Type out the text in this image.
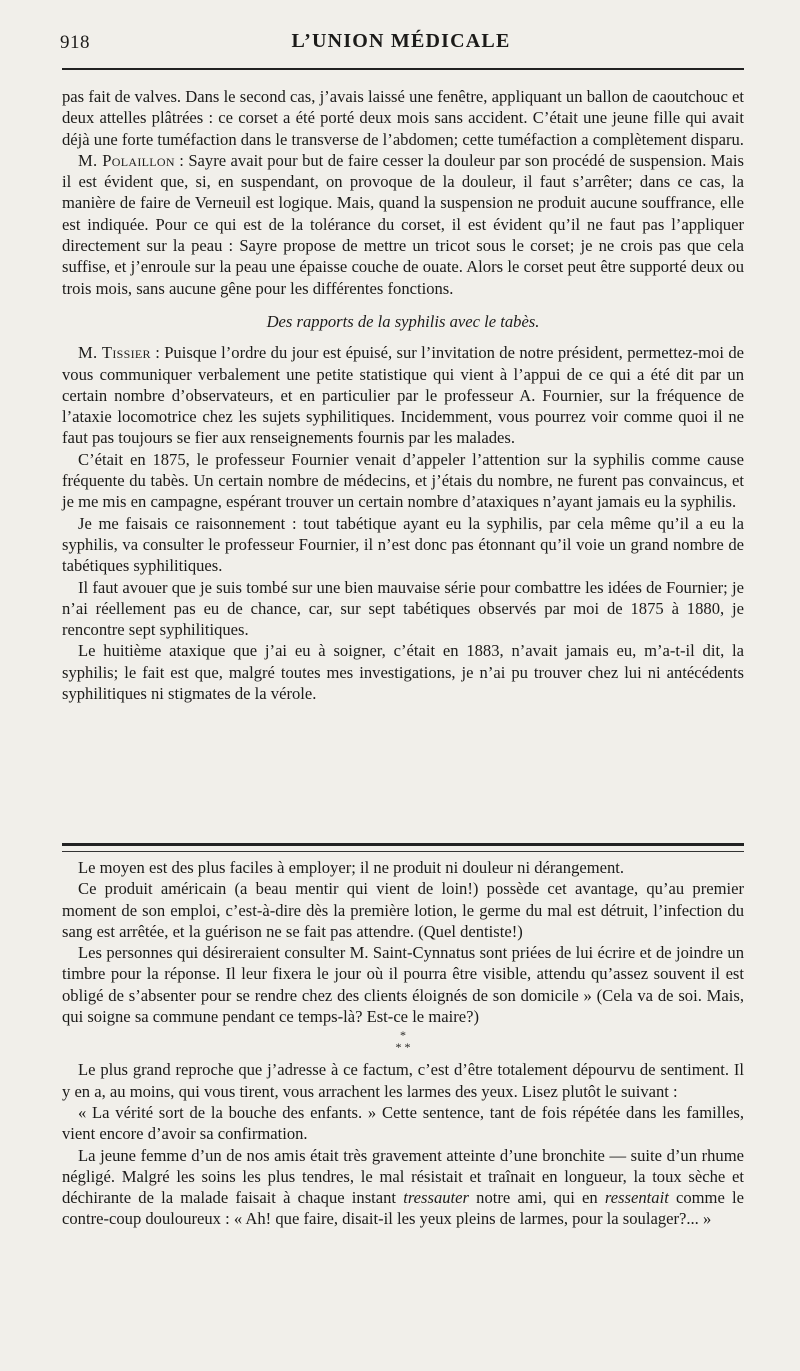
918	L’UNION MÉDICALE

pas fait de valves. Dans le second cas, j’avais laissé une fenêtre, appliquant un ballon de caoutchouc et deux attelles plâtrées : ce corset a été porté deux mois sans accident. C’était une jeune fille qui avait déjà une forte tuméfaction dans le transverse de l’abdomen; cette tuméfaction a complètement disparu.

M. Polaillon : Sayre avait pour but de faire cesser la douleur par son procédé de suspension. Mais il est évident que, si, en suspendant, on provoque de la douleur, il faut s’arrêter; dans ce cas, la manière de faire de Verneuil est logique. Mais, quand la suspension ne produit aucune souffrance, elle est indiquée. Pour ce qui est de la tolérance du corset, il est évident qu’il ne faut pas l’appliquer directement sur la peau : Sayre propose de mettre un tricot sous le corset; je ne crois pas que cela suffise, et j’enroule sur la peau une épaisse couche de ouate. Alors le corset peut être supporté deux ou trois mois, sans aucune gêne pour les différentes fonctions.

Des rapports de la syphilis avec le tabès.

M. Tissier : Puisque l’ordre du jour est épuisé, sur l’invitation de notre président, permettez-moi de vous communiquer verbalement une petite statistique qui vient à l’appui de ce qui a été dit par un certain nombre d’observateurs, et en particulier par le professeur A. Fournier, sur la fréquence de l’ataxie locomotrice chez les sujets syphilitiques. Incidemment, vous pourrez voir comme quoi il ne faut pas toujours se fier aux renseignements fournis par les malades.

C’était en 1875, le professeur Fournier venait d’appeler l’attention sur la syphilis comme cause fréquente du tabès. Un certain nombre de médecins, et j’étais du nombre, ne furent pas convaincus, et je me mis en campagne, espérant trouver un certain nombre d’ataxiques n’ayant jamais eu la syphilis.

Je me faisais ce raisonnement : tout tabétique ayant eu la syphilis, par cela même qu’il a eu la syphilis, va consulter le professeur Fournier, il n’est donc pas étonnant qu’il voie un grand nombre de tabétiques syphilitiques.

Il faut avouer que je suis tombé sur une bien mauvaise série pour combattre les idées de Fournier; je n’ai réellement pas eu de chance, car, sur sept tabétiques observés par moi de 1875 à 1880, je rencontre sept syphilitiques.

Le huitième ataxique que j’ai eu à soigner, c’était en 1883, n’avait jamais eu, m’a-t-il dit, la syphilis; le fait est que, malgré toutes mes investigations, je n’ai pu trouver chez lui ni antécédents syphilitiques ni stigmates de la vérole.

Le moyen est des plus faciles à employer; il ne produit ni douleur ni dérangement.

Ce produit américain (a beau mentir qui vient de loin!) possède cet avantage, qu’au premier moment de son emploi, c’est-à-dire dès la première lotion, le germe du mal est détruit, l’infection du sang est arrêtée, et la guérison ne se fait pas attendre. (Quel dentiste!)

Les personnes qui désireraient consulter M. Saint-Cynnatus sont priées de lui écrire et de joindre un timbre pour la réponse. Il leur fixera le jour où il pourra être visible, attendu qu’assez souvent il est obligé de s’absenter pour se rendre chez des clients éloignés de son domicile » (Cela va de soi. Mais, qui soigne sa commune pendant ce temps-là? Est-ce le maire?)

*
* *

Le plus grand reproche que j’adresse à ce factum, c’est d’être totalement dépourvu de sentiment. Il y en a, au moins, qui vous tirent, vous arrachent les larmes des yeux. Lisez plutôt le suivant :

« La vérité sort de la bouche des enfants. » Cette sentence, tant de fois répétée dans les familles, vient encore d’avoir sa confirmation.

La jeune femme d’un de nos amis était très gravement atteinte d’une bronchite — suite d’un rhume négligé. Malgré les soins les plus tendres, le mal résistait et traînait en longueur, la toux sèche et déchirante de la malade faisait à chaque instant tressauter notre ami, qui en ressentait comme le contre-coup douloureux : « Ah! que faire, disait-il les yeux pleins de larmes, pour la soulager?... »
